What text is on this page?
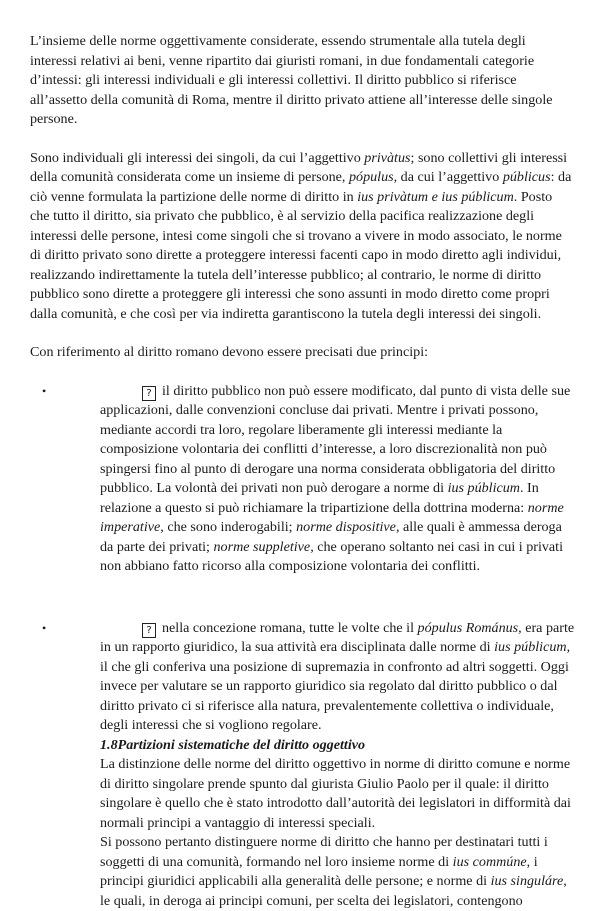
L’insieme delle norme oggettivamente considerate, essendo strumentale alla tutela degli interessi relativi ai beni, venne ripartito dai giuristi romani, in due fondamentali categorie d’intessi: gli interessi individuali e gli interessi collettivi. Il diritto pubblico si riferisce all’assetto della comunità di Roma, mentre il diritto privato attiene all’interesse delle singole persone.

Sono individuali gli interessi dei singoli, da cui l’aggettivo privàtus; sono collettivi gli interessi della comunità considerata come un insieme di persone, pópulus, da cui l’aggettivo públicus: da ciò venne formulata la partizione delle norme di diritto in ius privàtum e ius públicum. Posto che tutto il diritto, sia privato che pubblico, è al servizio della pacifica realizzazione degli interessi delle persone, intesi come singoli che si trovano a vivere in modo associato, le norme di diritto privato sono dirette a proteggere interessi facenti capo in modo diretto agli individui, realizzando indirettamente la tutela dell’interesse pubblico; al contrario, le norme di diritto pubblico sono dirette a proteggere gli interessi che sono assunti in modo diretto come propri dalla comunità, e che così per via indiretta garantiscono la tutela degli interessi dei singoli.

Con riferimento al diritto romano devono essere precisati due principi:

•	? il diritto pubblico non può essere modificato, dal punto di vista delle sue applicazioni, dalle convenzioni concluse dai privati. Mentre i privati possono, mediante accordi tra loro, regolare liberamente gli interessi mediante la composizione volontaria dei conflitti d’interesse, a loro discrezionalità non può spingersi fino al punto di derogare una norma considerata obbligatoria del diritto pubblico. La volontà dei privati non può derogare a norme di ius públicum. In relazione a questo si può richiamare la tripartizione della dottrina moderna: norme imperative, che sono inderogabili; norme dispositive, alle quali è ammessa deroga da parte dei privati; norme suppletive, che operano soltanto nei casi in cui i privati non abbiano fatto ricorso alla composizione volontaria dei conflitti.

•	? nella concezione romana, tutte le volte che il pópulus Románus, era parte in un rapporto giuridico, la sua attività era disciplinata dalle norme di ius públicum, il che gli conferiva una posizione di supremazia in confronto ad altri soggetti. Oggi invece per valutare se un rapporto giuridico sia regolato dal diritto pubblico o dal diritto privato ci si riferisce alla natura, prevalentemente collettiva o individuale, degli interessi che si vogliono regolare.

1.8Partizioni sistematiche del diritto oggettivo

La distinzione delle norme del diritto oggettivo in norme di diritto comune e norme di diritto singolare prende spunto dal giurista Giulio Paolo per il quale: il diritto singolare è quello che è stato introdotto dall’autorità dei legislatori in difformità dai normali principi a vantaggio di interessi speciali.

Si possono pertanto distinguere norme di diritto che hanno per destinatari tutti i soggetti di una comunità, formando nel loro insieme norme di ius commúne, i principi giuridici applicabili alla generalità delle persone; e norme di ius singuláre, le quali, in deroga ai principi comuni, per scelta dei legislatori, contengono
